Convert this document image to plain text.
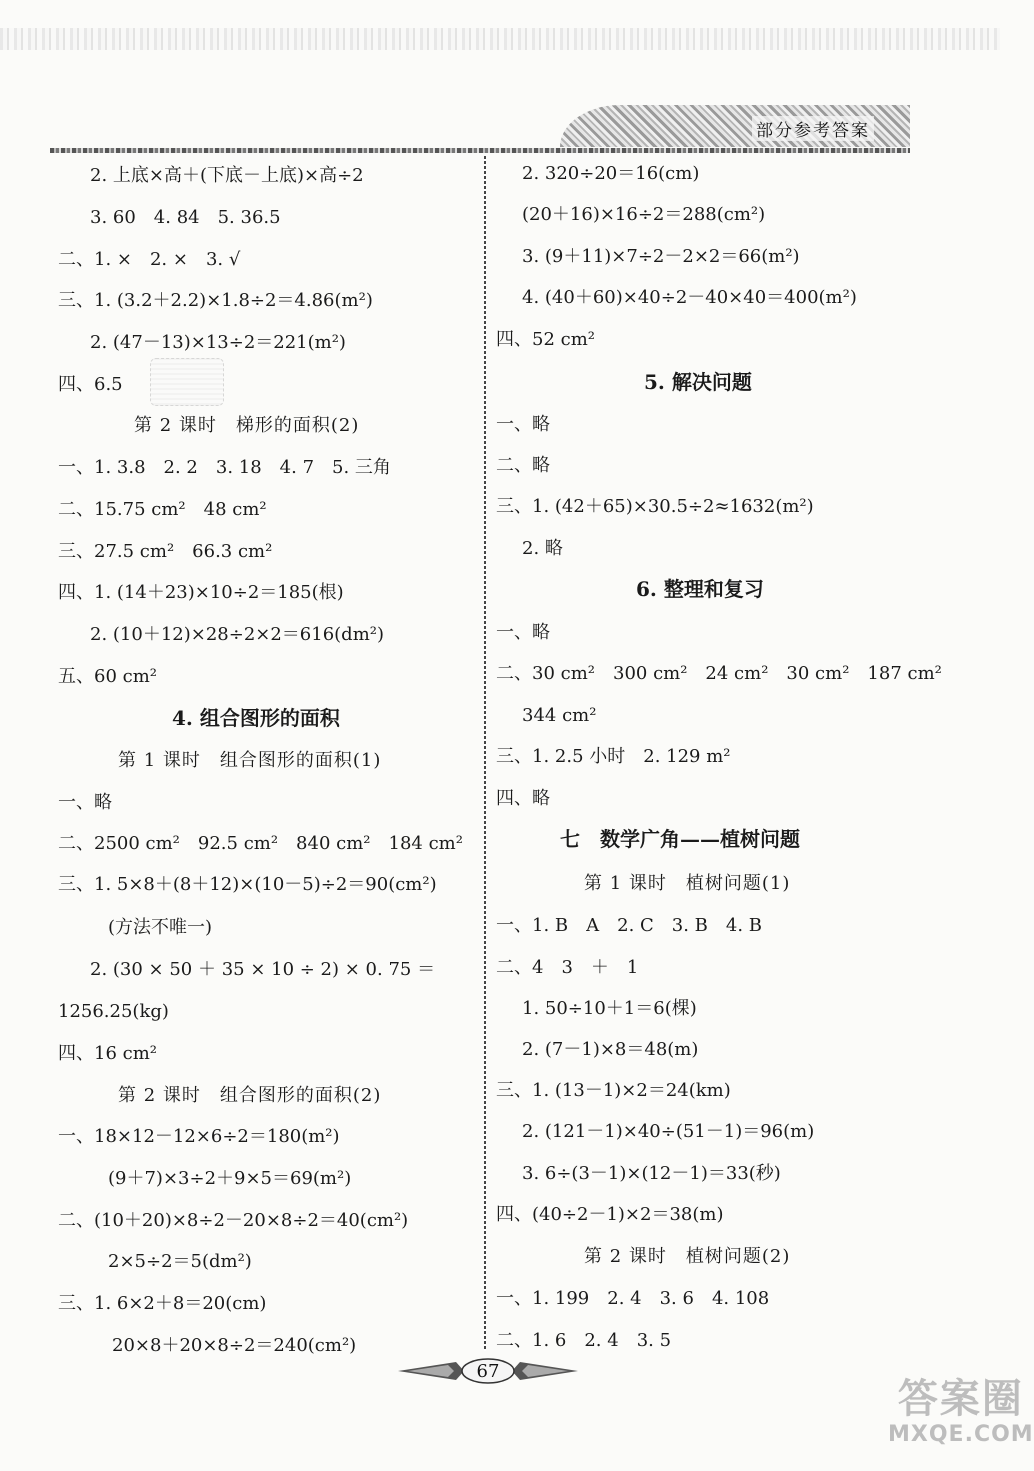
部分参考答案
2. 上底×高＋(下底－上底)×高÷2
3. 60　4. 84　5. 36.5
二、1. ×　2. ×　3. √
三、1. (3.2＋2.2)×1.8÷2＝4.86(m²)
2. (47－13)×13÷2＝221(m²)
四、6.5
第 2 课时　梯形的面积(2)
一、1. 3.8　2. 2　3. 18　4. 7　5. 三角
二、15.75 cm²　48 cm²
三、27.5 cm²　66.3 cm²
四、1. (14＋23)×10÷2＝185(根)
2. (10＋12)×28÷2×2＝616(dm²)
五、60 cm²
4. 组合图形的面积
第 1 课时　组合图形的面积(1)
一、略
二、2500 cm²　92.5 cm²　840 cm²　184 cm²
三、1. 5×8＋(8＋12)×(10－5)÷2＝90(cm²)
(方法不唯一)
2. (30 × 50 ＋ 35 × 10 ÷ 2) × 0. 75 ＝
1256.25(kg)
四、16 cm²
第 2 课时　组合图形的面积(2)
一、18×12－12×6÷2＝180(m²)
(9＋7)×3÷2＋9×5＝69(m²)
二、(10＋20)×8÷2－20×8÷2＝40(cm²)
2×5÷2＝5(dm²)
三、1. 6×2＋8＝20(cm)
20×8＋20×8÷2＝240(cm²)
2. 320÷20＝16(cm)
(20＋16)×16÷2＝288(cm²)
3. (9＋11)×7÷2－2×2＝66(m²)
4. (40＋60)×40÷2－40×40＝400(m²)
四、52 cm²
5. 解决问题
一、略
二、略
三、1. (42＋65)×30.5÷2≈1632(m²)
2. 略
6. 整理和复习
一、略
二、30 cm²　300 cm²　24 cm²　30 cm²　187 cm²
344 cm²
三、1. 2.5 小时　2. 129 m²
四、略
七　数学广角——植树问题
第 1 课时　植树问题(1)
一、1. B　A　2. C　3. B　4. B
二、4　3　＋　1
1. 50÷10＋1＝6(棵)
2. (7－1)×8＝48(m)
三、1. (13－1)×2＝24(km)
2. (121－1)×40÷(51－1)＝96(m)
3. 6÷(3－1)×(12－1)＝33(秒)
四、(40÷2－1)×2＝38(m)
第 2 课时　植树问题(2)
一、1. 199　2. 4　3. 6　4. 108
二、1. 6　2. 4　3. 5
67
答案圈
MXQE.COM
